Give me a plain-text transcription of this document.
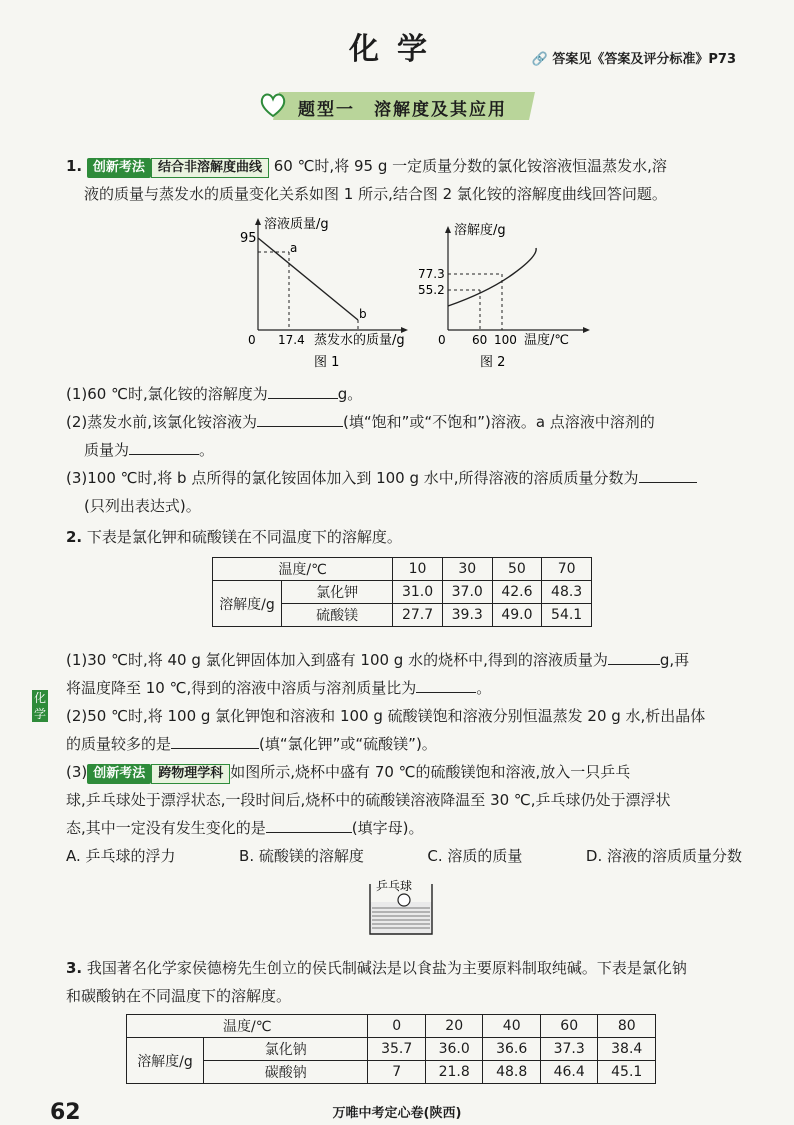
化学	🔗 答案见《答案及评分标准》P73
题型一　溶解度及其应用
1. 创新考法 结合非溶解度曲线 60 ℃时,将 95 g 一定质量分数的氯化铵溶液恒温蒸发水,溶
液的质量与蒸发水的质量变化关系如图 1 所示,结合图 2 氯化铵的溶解度曲线回答问题。
溶液质量/g
95
a
b
0 17.4 蒸发水的质量/g
图 1
溶解度/g
77.3
55.2
0 60 100 温度/℃
图 2
(1)60 ℃时,氯化铵的溶解度为	g。
(2)蒸发水前,该氯化铵溶液为	(填“饱和”或“不饱和”)溶液。a 点溶液中溶剂的
质量为	。
(3)100 ℃时,将 b 点所得的氯化铵固体加入到 100 g 水中,所得溶液的溶质质量分数为
(只列出表达式)。
2. 下表是氯化钾和硫酸镁在不同温度下的溶解度。
温度/℃		10	30	50	70
溶解度/g	氯化钾	31.0	37.0	42.6	48.3
	硫酸镁	27.7	39.3	49.0	54.1
(1)30 ℃时,将 40 g 氯化钾固体加入到盛有 100 g 水的烧杯中,得到的溶液质量为	g,再
将温度降至 10 ℃,得到的溶液中溶质与溶剂质量比为	。
(2)50 ℃时,将 100 g 氯化钾饱和溶液和 100 g 硫酸镁饱和溶液分别恒温蒸发 20 g 水,析出晶体
的质量较多的是	(填“氯化钾”或“硫酸镁”)。
(3) 创新考法 跨物理学科 如图所示,烧杯中盛有 70 ℃的硫酸镁饱和溶液,放入一只乒乓
球,乒乓球处于漂浮状态,一段时间后,烧杯中的硫酸镁溶液降温至 30 ℃,乒乓球仍处于漂浮状
态,其中一定没有发生变化的是	(填字母)。
A. 乒乓球的浮力	B. 硫酸镁的溶解度	C. 溶质的质量	D. 溶液的溶质质量分数
乒乓球
3. 我国著名化学家侯德榜先生创立的侯氏制碱法是以食盐为主要原料制取纯碱。下表是氯化钠
和碳酸钠在不同温度下的溶解度。
温度/℃		0	20	40	60	80
溶解度/g	氯化钠	35.7	36.0	36.6	37.3	38.4
	碳酸钠	7	21.8	48.8	46.4	45.1
化学
62	万唯中考定心卷(陕西)
